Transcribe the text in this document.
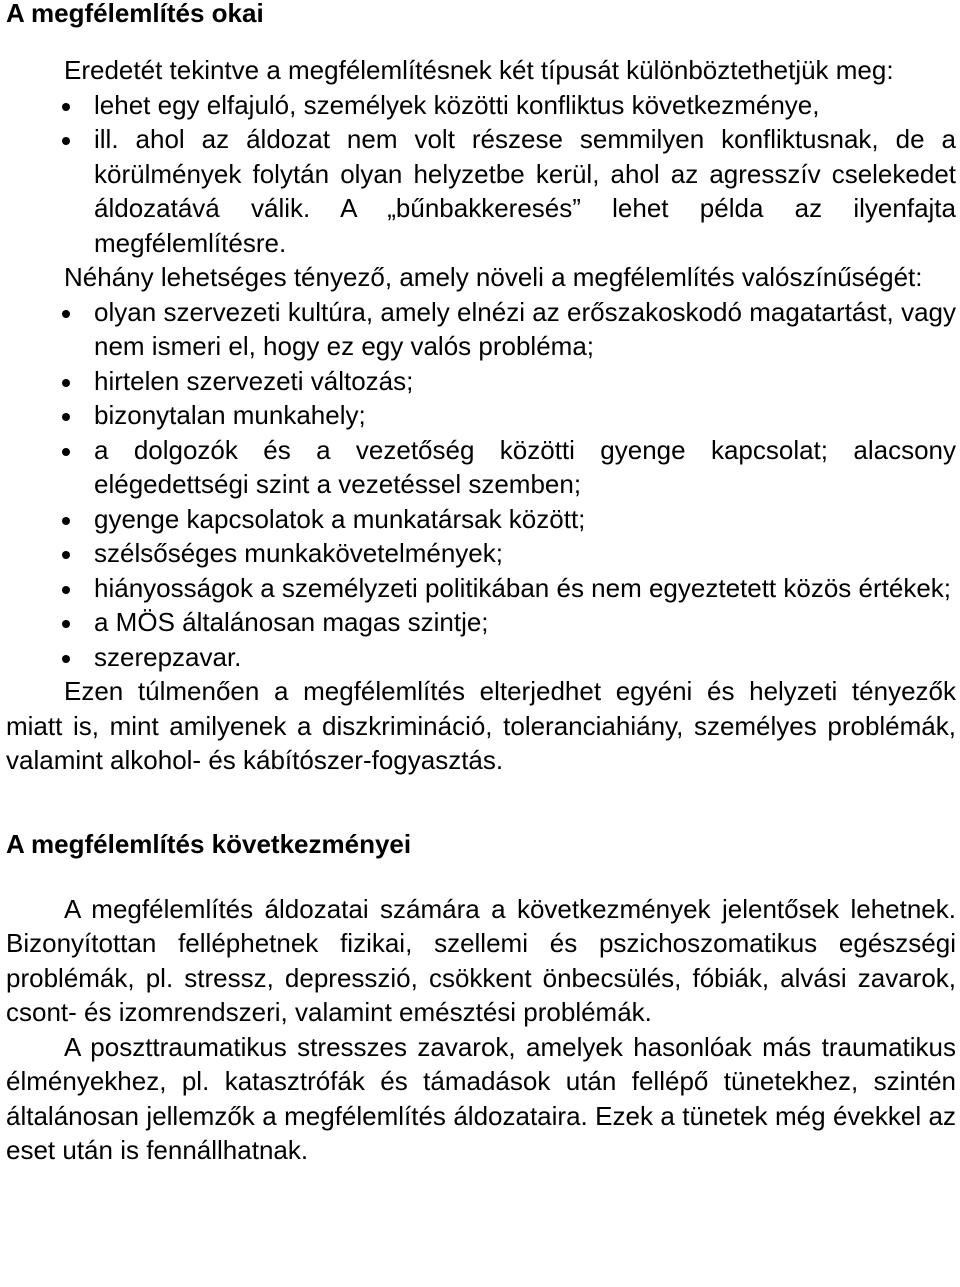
A megfélemlítés okai

Eredetét tekintve a megfélemlítésnek két típusát különböztethetjük meg:

lehet egy elfajuló, személyek közötti konfliktus következménye,
ill. ahol az áldozat nem volt részese semmilyen konfliktusnak, de a körülmények folytán olyan helyzetbe kerül, ahol az agresszív cselekedet áldozatává válik. A „bűnbakkeresés” lehet példa az ilyenfajta megfélemlítésre.

Néhány lehetséges tényező, amely növeli a megfélemlítés valószínűségét:

olyan szervezeti kultúra, amely elnézi az erőszakoskodó magatartást, vagy nem ismeri el, hogy ez egy valós probléma;
hirtelen szervezeti változás;
bizonytalan munkahely;
a dolgozók és a vezetőség közötti gyenge kapcsolat; alacsony elégedettségi szint a vezetéssel szemben;
gyenge kapcsolatok a munkatársak között;
szélsőséges munkakövetelmények;
hiányosságok a személyzeti politikában és nem egyeztetett közös értékek;
a MÖS általánosan magas szintje;
szerepzavar.

Ezen túlmenően a megfélemlítés elterjedhet egyéni és helyzeti tényezők miatt is, mint amilyenek a diszkrimináció, toleranciahiány, személyes problémák, valamint alkohol- és kábítószer-fogyasztás.

A megfélemlítés következményei

A megfélemlítés áldozatai számára a következmények jelentősek lehetnek. Bizonyítottan felléphetnek fizikai, szellemi és pszichoszomatikus egészségi problémák, pl. stressz, depresszió, csökkent önbecsülés, fóbiák, alvási zavarok, csont- és izomrendszeri, valamint emésztési problémák.

A poszttraumatikus stresszes zavarok, amelyek hasonlóak más traumatikus élményekhez, pl. katasztrófák és támadások után fellépő tünetekhez, szintén általánosan jellemzők a megfélemlítés áldozataira. Ezek a tünetek még évekkel az eset után is fennállhatnak.
